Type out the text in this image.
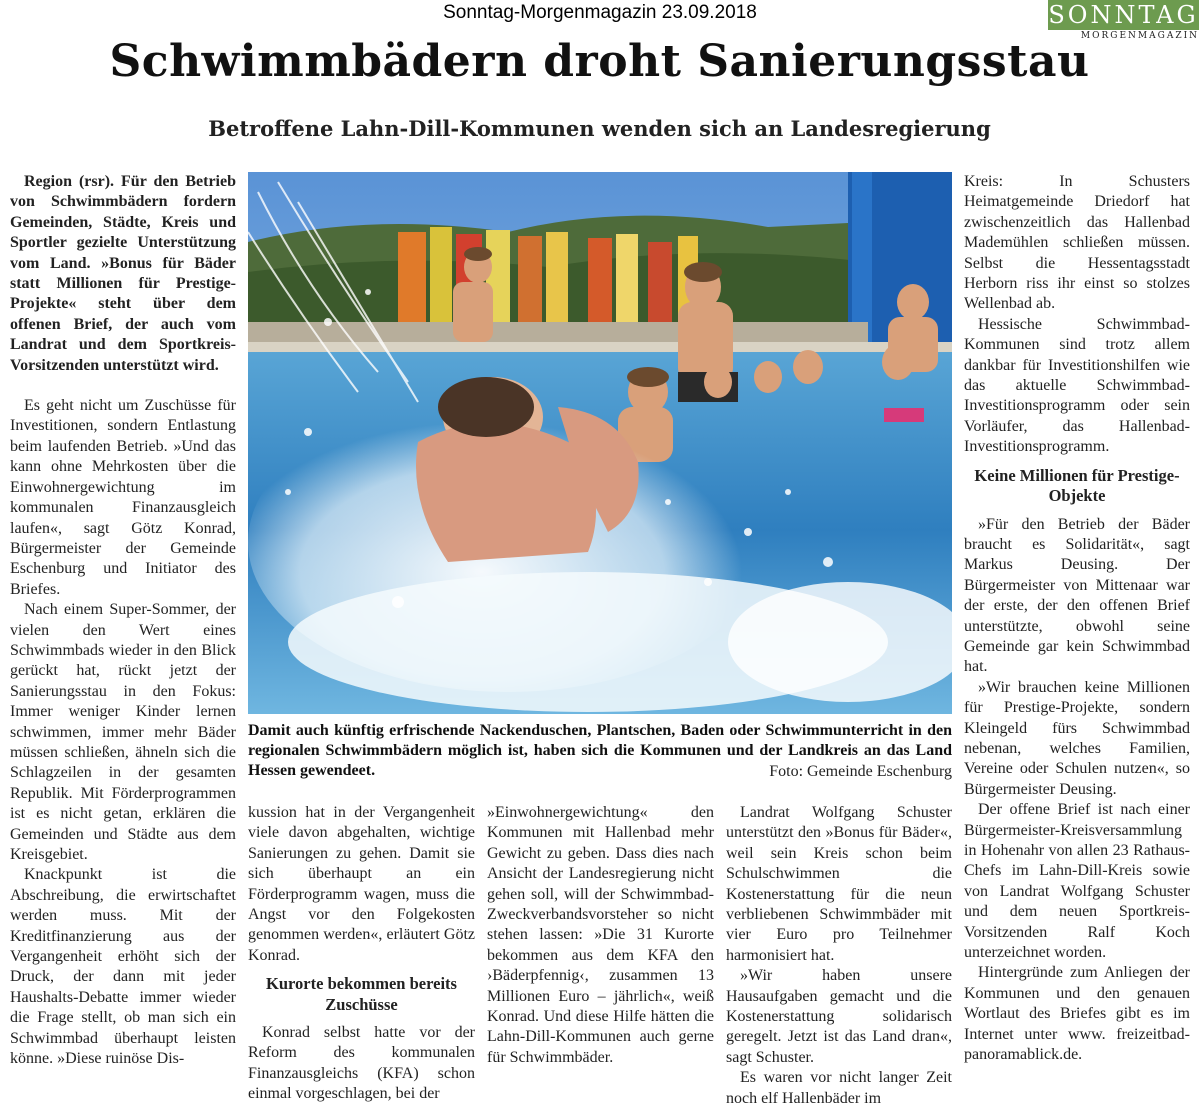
Sonntag-Morgenmagazin 23.09.2018	SONNTAG
MORGENMAGAZIN
Schwimmbädern droht Sanierungsstau
Betroffene Lahn-Dill-Kommunen wenden sich an Landesregierung

Region (rsr). Für den Betrieb von Schwimmbädern fordern Gemeinden, Städte, Kreis und Sportler gezielte Unterstützung vom Land. »Bonus für Bäder statt Millionen für Prestige-Projekte« steht über dem offenen Brief, der auch vom Landrat und dem Sportkreis-Vorsitzenden unterstützt wird.

Es geht nicht um Zuschüsse für Investitionen, sondern Entlastung beim laufenden Betrieb. »Und das kann ohne Mehrkosten über die Einwohnergewichtung im kommunalen Finanzausgleich laufen«, sagt Götz Konrad, Bürgermeister der Gemeinde Eschenburg und Initiator des Briefes.

Nach einem Super-Sommer, der vielen den Wert eines Schwimmbads wieder in den Blick gerückt hat, rückt jetzt der Sanierungsstau in den Fokus: Immer weniger Kinder lernen schwimmen, immer mehr Bäder müssen schließen, ähneln sich die Schlagzeilen in der gesamten Republik. Mit Förderprogrammen ist es nicht getan, erklären die Gemeinden und Städte aus dem Kreisgebiet.

Knackpunkt ist die Abschreibung, die erwirtschaftet werden muss. Mit der Kreditfinanzierung aus der Vergangenheit erhöht sich der Druck, der dann mit jeder Haushalts-Debatte immer wieder die Frage stellt, ob man sich ein Schwimmbad überhaupt leisten könne. »Diese ruinöse Dis-

Damit auch künftig erfrischende Nackenduschen, Plantschen, Baden oder Schwimmunterricht in den regionalen Schwimmbädern möglich ist, haben sich die Kommunen und der Landkreis an das Land Hessen gewendeet.	Foto: Gemeinde Eschenburg

kussion hat in der Vergangenheit viele davon abgehalten, wichtige Sanierungen zu gehen. Damit sie sich überhaupt an ein Förderprogramm wagen, muss die Angst vor den Folgekosten genommen werden«, erläutert Götz Konrad.

Kurorte bekommen bereits Zuschüsse

Konrad selbst hatte vor der Reform des kommunalen Finanzausgleichs (KFA) schon einmal vorgeschlagen, bei der

»Einwohnergewichtung« den Kommunen mit Hallenbad mehr Gewicht zu geben. Dass dies nach Ansicht der Landesregierung nicht gehen soll, will der Schwimmbad-Zweckverbandsvorsteher so nicht stehen lassen: »Die 31 Kurorte bekommen aus dem KFA den ›Bäderpfennig‹, zusammen 13 Millionen Euro – jährlich«, weiß Konrad. Und diese Hilfe hätten die Lahn-Dill-Kommunen auch gerne für Schwimmbäder.

Landrat Wolfgang Schuster unterstützt den »Bonus für Bäder«, weil sein Kreis schon beim Schulschwimmen die Kostenerstattung für die neun verbliebenen Schwimmbäder mit vier Euro pro Teilnehmer harmonisiert hat.

»Wir haben unsere Hausaufgaben gemacht und die Kostenerstattung solidarisch geregelt. Jetzt ist das Land dran«, sagt Schuster.

Es waren vor nicht langer Zeit noch elf Hallenbäder im

Kreis: In Schusters Heimatgemeinde Driedorf hat zwischenzeitlich das Hallenbad Mademühlen schließen müssen. Selbst die Hessentagsstadt Herborn riss ihr einst so stolzes Wellenbad ab.

Hessische Schwimmbad-Kommunen sind trotz allem dankbar für Investitionshilfen wie das aktuelle Schwimmbad-Investitionsprogramm oder sein Vorläufer, das Hallenbad-Investitionsprogramm.

Keine Millionen für Prestige-Objekte

»Für den Betrieb der Bäder braucht es Solidarität«, sagt Markus Deusing. Der Bürgermeister von Mittenaar war der erste, der den offenen Brief unterstützte, obwohl seine Gemeinde gar kein Schwimmbad hat.

»Wir brauchen keine Millionen für Prestige-Projekte, sondern Kleingeld fürs Schwimmbad nebenan, welches Familien, Vereine oder Schulen nutzen«, so Bürgermeister Deusing.

Der offene Brief ist nach einer Bürgermeister-Kreisversammlung in Hohenahr von allen 23 Rathaus-Chefs im Lahn-Dill-Kreis sowie von Landrat Wolfgang Schuster und dem neuen Sportkreis-Vorsitzenden Ralf Koch unterzeichnet worden.

Hintergründe zum Anliegen der Kommunen und den genauen Wortlaut des Briefes gibt es im Internet unter www. freizeitbad-panoramablick.de.
